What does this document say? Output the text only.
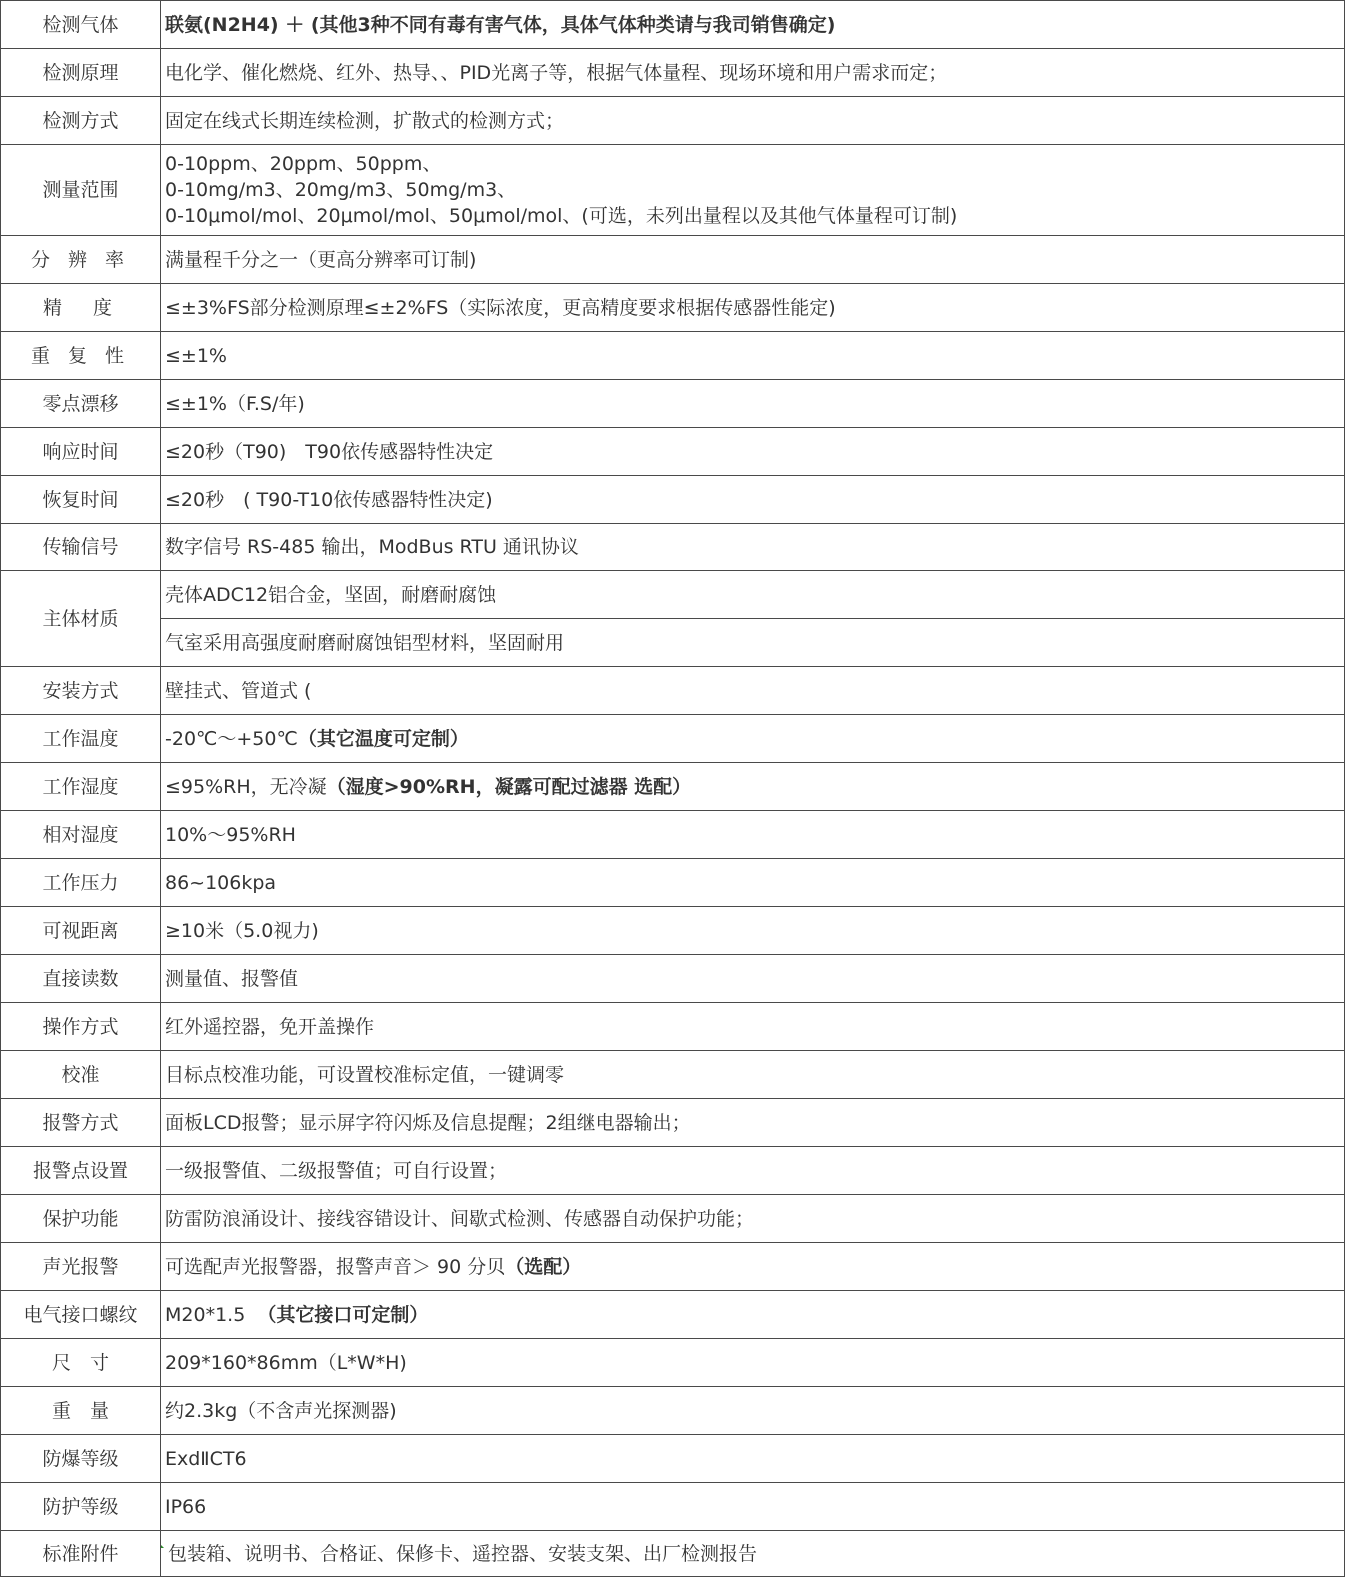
检测气体	联氨(N2H4) ＋ (其他3种不同有毒有害气体，具体气体种类请与我司销售确定)
检测原理	电化学、催化燃烧、红外、热导、、PID光离子等，根据气体量程、现场环境和用户需求而定；
检测方式	固定在线式长期连续检测，扩散式的检测方式；
测量范围	0-10ppm、20ppm、50ppm、
0-10mg/m3、20mg/m3、50mg/m3、
0-10μmol/mol、20μmol/mol、50μmol/mol、(可选，未列出量程以及其他气体量程可订制)

分 辨 率	满量程千分之一（更高分辨率可订制)
精　度	≤±3%FS部分检测原理≤±2%FS（实际浓度，更高精度要求根据传感器性能定)
重 复 性	≤±1%
零点漂移	≤±1%（F.S/年)
响应时间	≤20秒（T90)　T90依传感器特性决定
恢复时间	≤20秒　( T90-T10依传感器特性决定)
传输信号	数字信号 RS-485 输出，ModBus RTU 通讯协议
主体材质	壳体ADC12铝合金，坚固，耐磨耐腐蚀
	气室采用高强度耐磨耐腐蚀铝型材料，坚固耐用
安装方式	壁挂式、管道式 (
工作温度	-20℃～+50℃（其它温度可定制）
工作湿度	≤95%RH，无冷凝（湿度>90%RH，凝露可配过滤器 选配）
相对湿度	10%～95%RH
工作压力	86~106kpa
可视距离	≥10米（5.0视力)
直接读数	测量值、报警值
操作方式	红外遥控器，免开盖操作
校准	目标点校准功能，可设置校准标定值，一键调零
报警方式	面板LCD报警；显示屏字符闪烁及信息提醒；2组继电器输出；
报警点设置	一级报警值、二级报警值；可自行设置；
保护功能	防雷防浪涌设计、接线容错设计、间歇式检测、传感器自动保护功能；
声光报警	可选配声光报警器，报警声音＞ 90 分贝（选配）
电气接口螺纹	M20*1.5 （其它接口可定制）
尺　寸	209*160*86mm（L*W*H)
重　量	约2.3kg（不含声光探测器)
防爆等级	ExdⅡCT6
防护等级	IP66
标准附件	包装箱、说明书、合格证、保修卡、遥控器、安装支架、出厂检测报告
